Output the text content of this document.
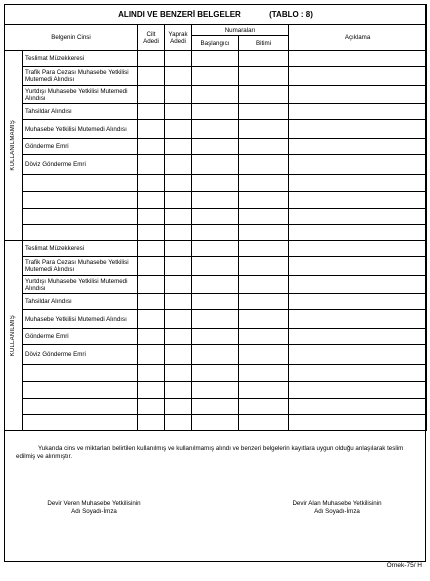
ALINDI VE BENZERİ BELGELER (TABLO : 8)						
Belgenin Cinsi		Cilt Adedi	Yaprak Adedi	Numaraları		Açıklama
				Başlangıcı	Bitimi	

KULLANILMAMIŞ	Teslimat Müzekkeresi					
	Trafik Para Cezası Muhasebe Yetkilisi Mutemedi Alındısı					
	Yurtdışı Muhasebe Yetkilisi Mutemedi Alındısı					
	Tahsildar Alındısı					
	Muhasebe Yetkilisi Mutemedi Alındısı					
	Gönderme Emri					
	Döviz Gönderme Emri					

KULLANILMIŞ	Teslimat Müzekkeresi					
	Trafik Para Cezası Muhasebe Yetkilisi Mutemedi Alındısı					
	Yurtdışı Muhasebe Yetkilisi Mutemedi Alındısı					
	Tahsildar Alındısı					
	Muhasebe Yetkilisi Mutemedi Alındısı					
	Gönderme Emri					
	Döviz Gönderme Emri					

Yukarıda cins ve miktarları belirtilen kullanılmış ve kullanılmamış alındı ve benzeri belgelerin kayıtlara uygun olduğu anlaşılarak teslim edilmiş ve alınmıştır.
Devir Veren Muhasebe Yetkilisinin
Adı Soyadı-İmza
Devir Alan Muhasebe Yetkilisinin
Adı Soyadı-İmza
Örnek-75/ H
